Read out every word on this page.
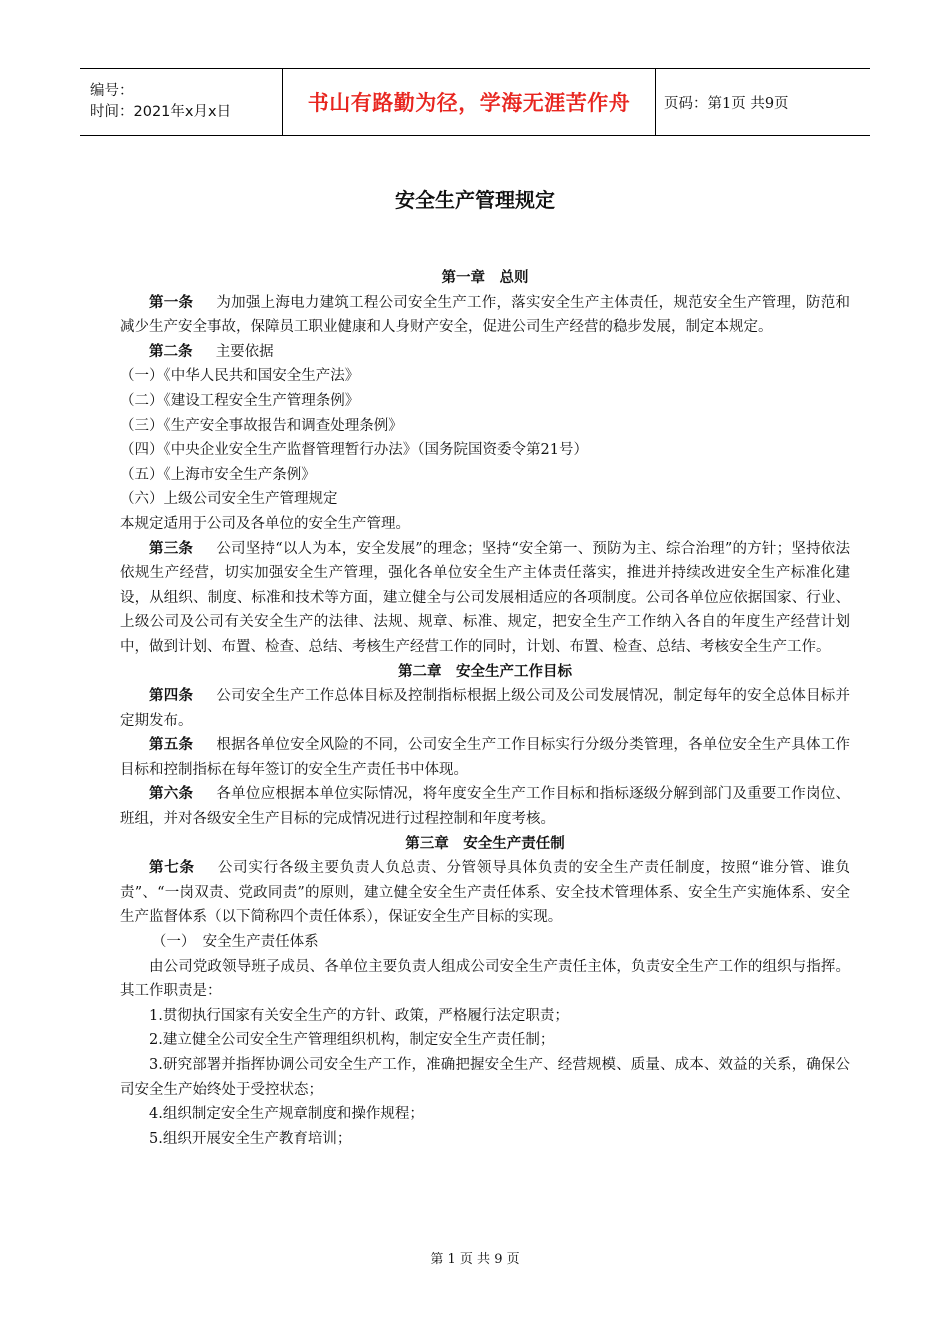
编号：
时间：2021年x月x日	书山有路勤为径，学海无涯苦作舟 页码：第1页 共9页
安全生产管理规定

第一章　总则

第一条 为加强上海电力建筑工程公司安全生产工作，落实安全生产主体责任，规范安全生产管理，防范和减少生产安全事故，保障员工职业健康和人身财产安全，促进公司生产经营的稳步发展，制定本规定。

第二条 主要依据

（一）《中华人民共和国安全生产法》

（二）《建设工程安全生产管理条例》

（三）《生产安全事故报告和调查处理条例》

（四）《中央企业安全生产监督管理暂行办法》（国务院国资委令第21号）

（五）《上海市安全生产条例》

（六）上级公司安全生产管理规定

本规定适用于公司及各单位的安全生产管理。

第三条 公司坚持“以人为本，安全发展”的理念；坚持“安全第一、预防为主、综合治理”的方针；坚持依法依规生产经营，切实加强安全生产管理，强化各单位安全生产主体责任落实，推进并持续改进安全生产标准化建设，从组织、制度、标准和技术等方面，建立健全与公司发展相适应的各项制度。公司各单位应依据国家、行业、上级公司及公司有关安全生产的法律、法规、规章、标准、规定，把安全生产工作纳入各自的年度生产经营计划中，做到计划、布置、检查、总结、考核生产经营工作的同时，计划、布置、检查、总结、考核安全生产工作。

第二章　安全生产工作目标

第四条 公司安全生产工作总体目标及控制指标根据上级公司及公司发展情况，制定每年的安全总体目标并定期发布。

第五条 根据各单位安全风险的不同，公司安全生产工作目标实行分级分类管理，各单位安全生产具体工作目标和控制指标在每年签订的安全生产责任书中体现。

第六条 各单位应根据本单位实际情况，将年度安全生产工作目标和指标逐级分解到部门及重要工作岗位、班组，并对各级安全生产目标的完成情况进行过程控制和年度考核。

第三章　安全生产责任制

第七条 公司实行各级主要负责人负总责、分管领导具体负责的安全生产责任制度，按照“谁分管、谁负责”、“一岗双责、党政同责”的原则，建立健全安全生产责任体系、安全技术管理体系、安全生产实施体系、安全生产监督体系（以下简称四个责任体系），保证安全生产目标的实现。

（一）　安全生产责任体系

由公司党政领导班子成员、各单位主要负责人组成公司安全生产责任主体，负责安全生产工作的组织与指挥。其工作职责是：

1.贯彻执行国家有关安全生产的方针、政策，严格履行法定职责；

2.建立健全公司安全生产管理组织机构，制定安全生产责任制；

3.研究部署并指挥协调公司安全生产工作，准确把握安全生产、经营规模、质量、成本、效益的关系，确保公司安全生产始终处于受控状态；

4.组织制定安全生产规章制度和操作规程；

5.组织开展安全生产教育培训；

第 1 页 共 9 页
